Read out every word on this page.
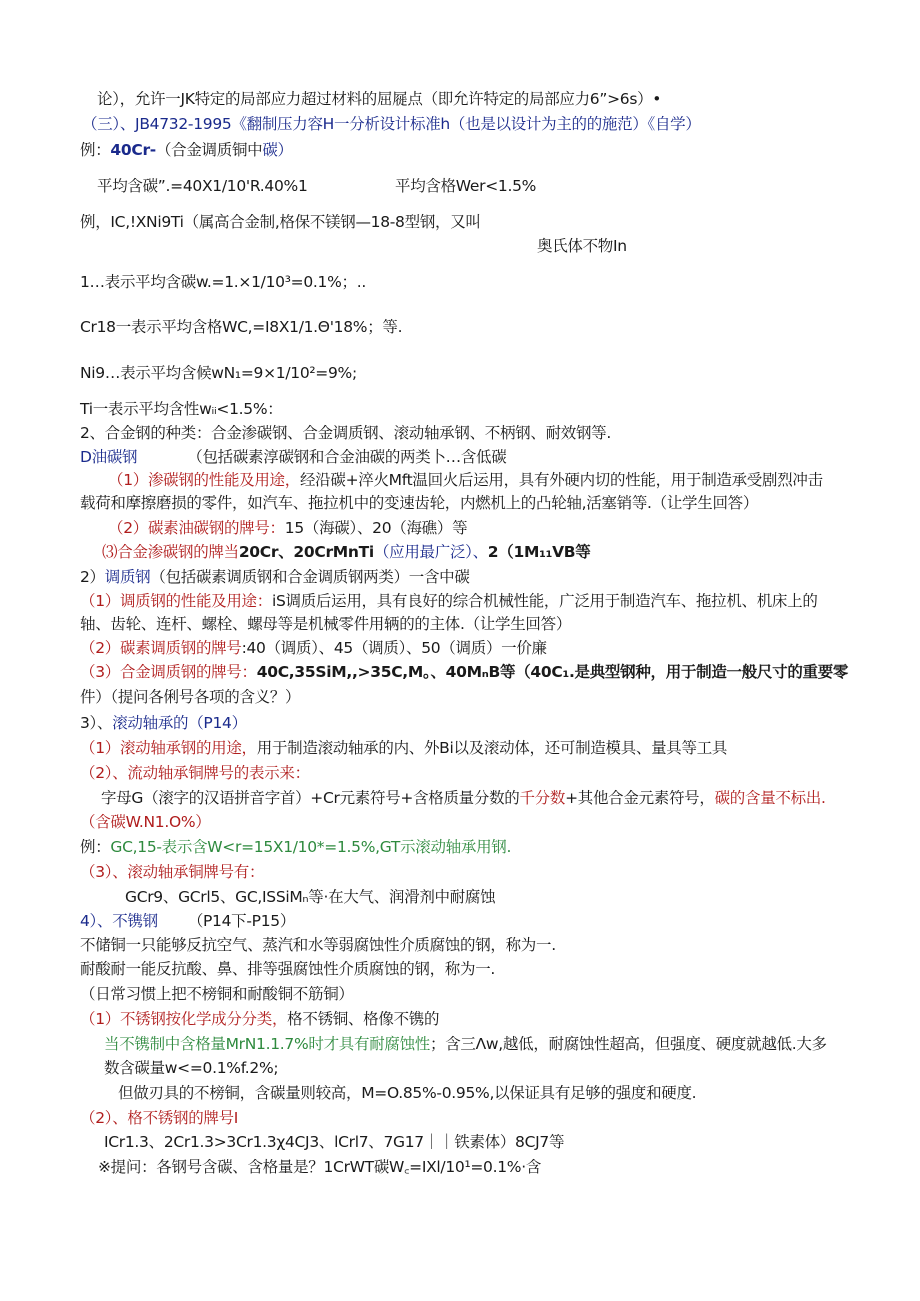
论），允许一JK特定的局部应力超过材料的屈屣点（即允许特定的局部应力6”>6s）•
（三）、JB4732-1995《翻制压力容H一分析设计标准h（也是以设计为主的的施范）《自学）
例：40Cr-（合金调质铜中碳）
平均含碳”.=40X1/10'R.40%1	平均含格Wer<1.5%
例，IC,!XNi9Ti（属高合金制,格保不镁钢—18-8型钢，又叫
奥氏体不物In
1…表示平均含碳w.=1.×1/10³=0.1%；..
Cr18一表示平均含格WC,=I8X1/1.Θ'18%；等.
Ni9…表示平均含候wN₁=9×1/10²=9%;
Ti一表示平均含性wᵢᵢ<1.5%：
2、合金钢的种类：合金渗碳钢、合金调质钢、滚动轴承钢、不柄钢、耐效钢等.
D油碳钢	（包括碳素淳碳钢和合金油碳的两类卜…含低碳
（1）渗碳钢的性能及用途，经沿碳+淬火Mft温回火后运用，具有外硬内切的性能，用于制造承受剧烈冲击
载荷和摩擦磨损的零件，如汽车、拖拉机中的变速齿轮，内燃机上的凸轮轴,活塞销等.（让学生回答）
（2）碳素油碳钢的牌号：15（海碳）、20（海礁）等
⑶合金渗碳钢的牌当20Cr、20CrMnTi（应用最广泛）、2（1M₁₁VB等
2）调质钢（包括碳素调质钢和合金调质钢两类）一含中碳
（1）调质钢的性能及用途：iS调质后运用，具有良好的综合机械性能，广泛用于制造汽车、拖拉机、机床上的
轴、齿轮、连杆、螺栓、螺母等是机械零件用辆的的主体.（让学生回答）
（2）碳素调质钢的牌号:40（调质）、45（调质）、50（调质）一价廉
（3）合金调质钢的牌号：40C,35SiM,,>35C,M。、40MₙB等（40C₁.是典型钢种，用于制造一般尺寸的重要零
件）（提问各俐号各项的含义？）
3）、滚动轴承的（P14）
（1）滚动轴承钢的用途，用于制造滚动轴承的内、外Bi以及滚动体，还可制造模具、量具等工具
（2）、流动轴承铜牌号的表示来：
字母G（滚字的汉语拼音字首）+Cr元素符号+含格质量分数的千分数+其他合金元素符号，碳的含量不标出.
（含碳W.N1.O%）
例：GC,15-表示含W<r=15X1/10*=1.5%,GT示滚动轴承用钢.
（3）、滚动轴承铜牌号有：
GCr9、GCrl5、GC,ISSiMₙ等·在大气、润滑剂中耐腐蚀
4）、不镌钢 （P14下-P15）
不储铜一只能够反抗空气、蒸汽和水等弱腐蚀性介质腐蚀的钢，称为一.
耐酸耐一能反抗酸、鼻、排等强腐蚀性介质腐蚀的钢，称为一.
（日常习惯上把不榜铜和耐酸铜不筋铜）
（1）不锈钢按化学成分分类，格不锈铜、格像不镌的
当不镌制中含格量MrN1.1.7%时才具有耐腐蚀性；含三Λw,越低，耐腐蚀性超高，但强度、硬度就越低.大多
数含碳量w<=0.1%f.2%;
但做刃具的不榜铜，含碳量则较高，M=O.85%-0.95%,以保证具有足够的强度和硬度.
（2）、格不锈钢的牌号I
ICr1.3、2Cr1.3>3Cr1.3χ4CJ3、lCrl7、7G17｜｜铁素体）8CJ7等
※提问：各钢号含碳、含格量是？1CrWT碳W꜀=IXl/10¹=0.1%·含
